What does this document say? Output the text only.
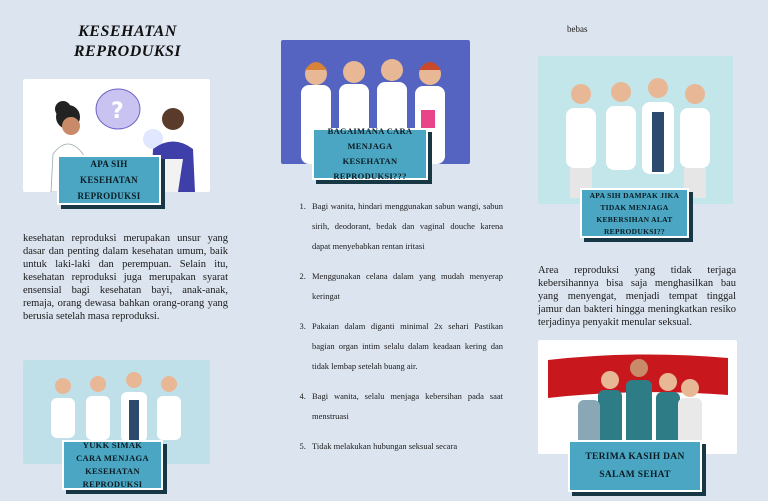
KESEHATAN REPRODUKSI
?
APA SIH KESEHATAN REPRODUKSI
kesehatan reproduksi merupakan unsur yang dasar dan penting dalam kesehatan umum, baik untuk laki-laki dan perempuan. Selain itu, kesehatan reproduksi juga merupakan syarat ensensial bagi kesehatan bayi, anak-anak, remaja, orang dewasa bahkan orang-orang yang berusia setelah masa reproduksi.
YUKK SIMAK CARA MENJAGA KESEHATAN REPRODUKSI
BAGAIMANA CARA MENJAGA KESEHATAN REPRODUKSI???
1. Bagi wanita, hindari menggunakan sabun wangi, sabun sirih, deodorant, bedak dan vaginal douche karena dapat menyebabkan rentan iritasi
2. Menggunakan celana dalam yang mudah menyerap keringat
3. Pakaian dalam diganti minimal 2x sehari Pastikan bagian organ intim selalu dalam keadaan kering dan tidak lembap setelah buang air.
4. Bagi wanita, selalu menjaga kebersihan pada saat menstruasi
5. Tidak melakukan hubungan seksual secara
bebas
APA SIH DAMPAK JIKA TIDAK MENJAGA KEBERSIHAN ALAT REPRODUKSI??
Area reproduksi yang tidak terjaga kebersihannya bisa saja menghasilkan bau yang menyengat, menjadi tempat tinggal jamur dan bakteri hingga meningkatkan resiko terjadinya penyakit menular seksual.
TERIMA KASIH DAN SALAM SEHAT
